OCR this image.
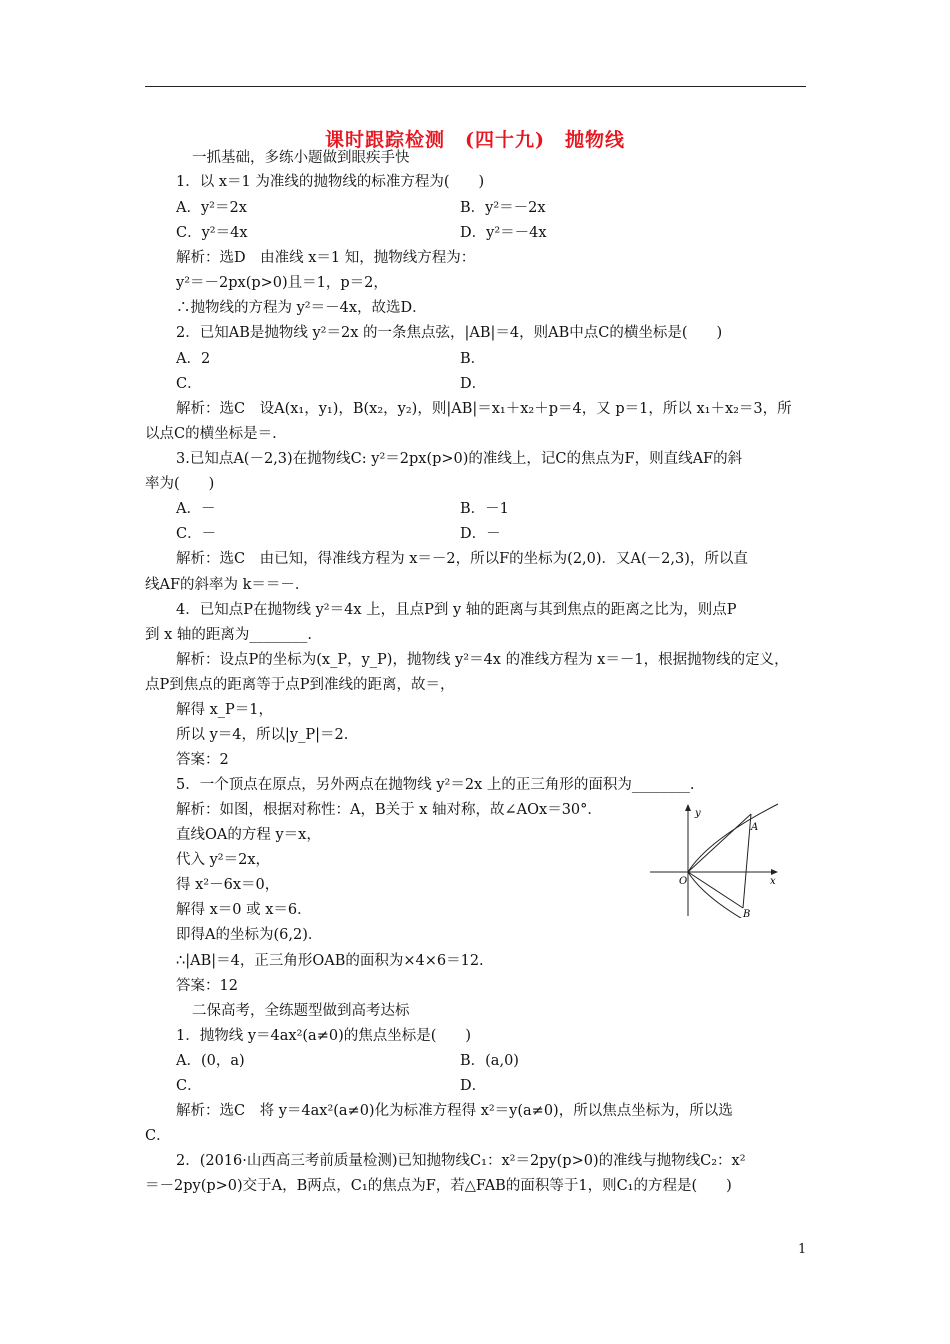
课时跟踪检测　(四十九)　抛物线
一抓基础，多练小题做到眼疾手快
1．以 x＝1 为准线的抛物线的标准方程为(　　)
A．y²＝2x	B．y²＝－2x
C．y²＝4x	D．y²＝－4x
解析：选D　由准线 x＝1 知，抛物线方程为：
y²＝－2px(p>0)且＝1，p＝2，
∴抛物线的方程为 y²＝－4x，故选D．
2．已知AB是抛物线 y²＝2x 的一条焦点弦，|AB|＝4，则AB中点C的横坐标是(　　)
A．2	B．
C．	D．
解析：选C　设A(x₁，y₁)，B(x₂，y₂)，则|AB|＝x₁＋x₂＋p＝4，又 p＝1，所以 x₁＋x₂＝3，所
以点C的横坐标是＝.
3.已知点A(－2,3)在抛物线C: y²＝2px(p>0)的准线上，记C的焦点为F，则直线AF的斜
率为(　　)
A．－	B．－1
C．－	D．－
解析：选C　由已知，得准线方程为 x＝－2，所以F的坐标为(2,0)．又A(－2,3)，所以直
线AF的斜率为 k＝＝－．
4．已知点P在抛物线 y²＝4x 上，且点P到 y 轴的距离与其到焦点的距离之比为，则点P
到 x 轴的距离为________.
解析：设点P的坐标为(x_P，y_P)，抛物线 y²＝4x 的准线方程为 x＝－1，根据抛物线的定义，
点P到焦点的距离等于点P到准线的距离，故＝，
解得 x_P＝1，
所以 y＝4，所以|y_P|＝2.
答案：2
5．一个顶点在原点，另外两点在抛物线 y²＝2x 上的正三角形的面积为________.
解析：如图，根据对称性：A，B关于 x 轴对称，故∠AOx＝30°．
直线OA的方程 y＝x，
代入 y²＝2x，
得 x²－6x＝0，
解得 x＝0 或 x＝6．
即得A的坐标为(6,2)．
∴|AB|＝4，正三角形OAB的面积为×4×6＝12.
答案：12
二保高考，全练题型做到高考达标
1．抛物线 y＝4ax²(a≠0)的焦点坐标是(　　)
A．(0，a)	B．(a,0)
C．	D．
解析：选C　将 y＝4ax²(a≠0)化为标准方程得 x²＝y(a≠0)，所以焦点坐标为，所以选
C．
2．(2016·山西高三考前质量检测)已知抛物线C₁：x²＝2py(p>0)的准线与抛物线C₂：x²
＝－2py(p>0)交于A，B两点，C₁的焦点为F，若△FAB的面积等于1，则C₁的方程是(　　)
y
x
O
A
B
1
